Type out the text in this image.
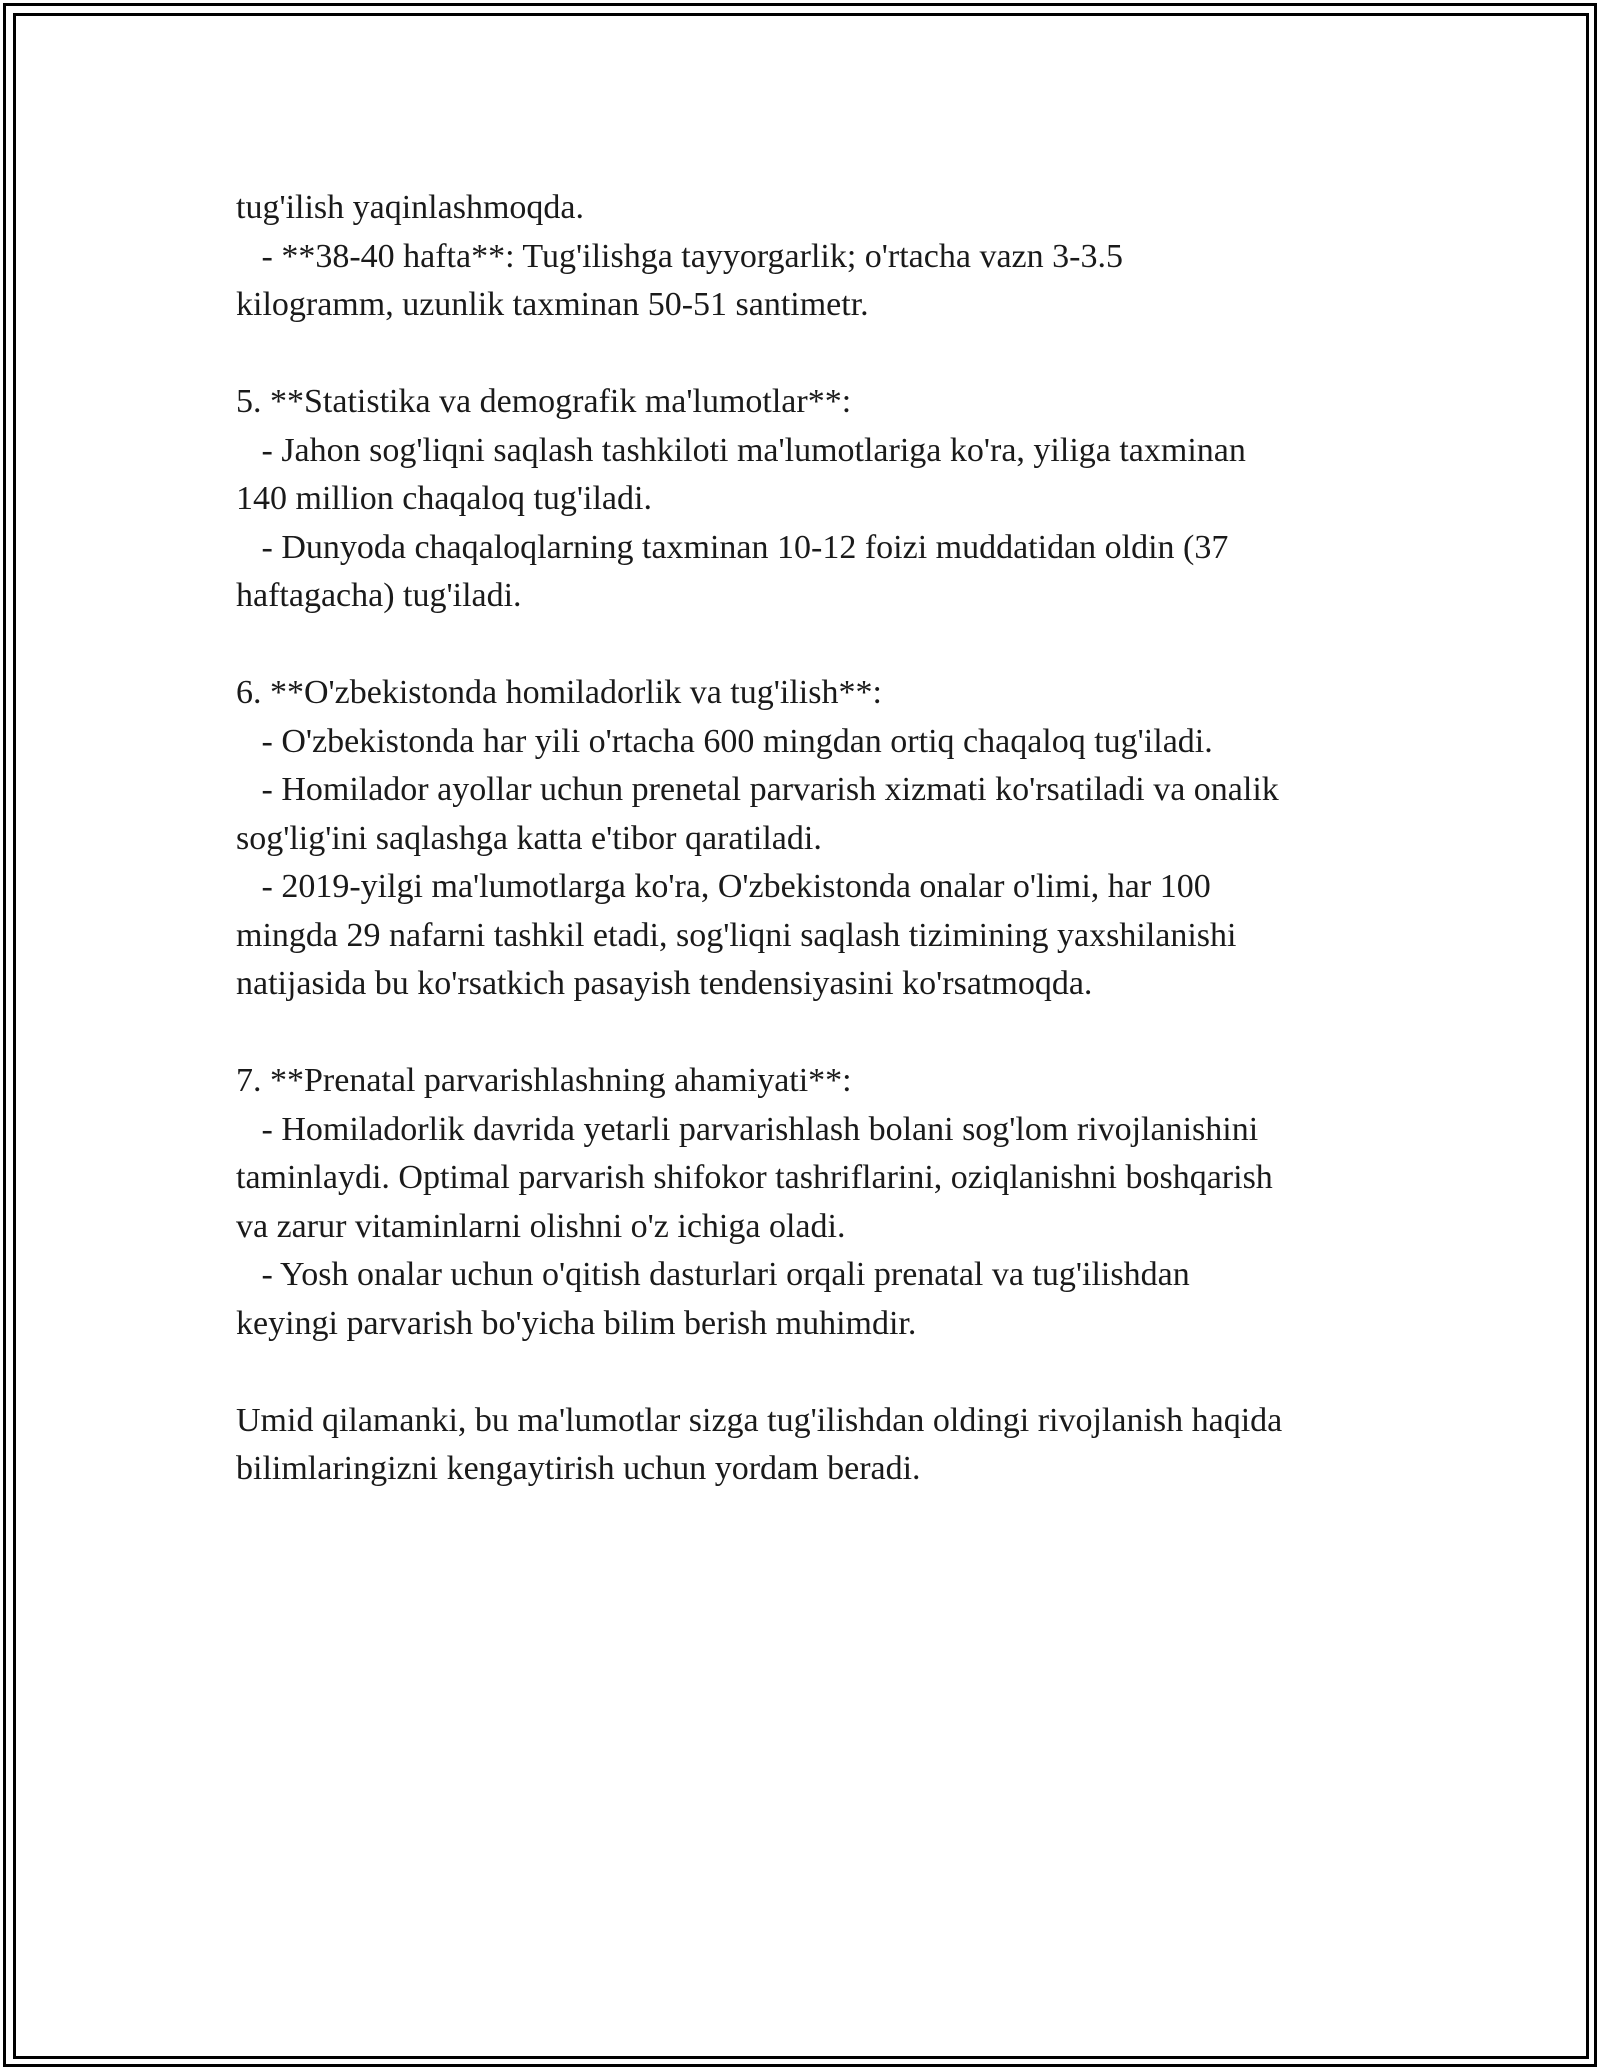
tug'ilish yaqinlashmoqda.
- **38-40 hafta**: Tug'ilishga tayyorgarlik; o'rtacha vazn 3-3.5
kilogramm, uzunlik taxminan 50-51 santimetr.
5. **Statistika va demografik ma'lumotlar**:
- Jahon sog'liqni saqlash tashkiloti ma'lumotlariga ko'ra, yiliga taxminan
140 million chaqaloq tug'iladi.
- Dunyoda chaqaloqlarning taxminan 10-12 foizi muddatidan oldin (37
haftagacha) tug'iladi.
6. **O'zbekistonda homiladorlik va tug'ilish**:
- O'zbekistonda har yili o'rtacha 600 mingdan ortiq chaqaloq tug'iladi.
- Homilador ayollar uchun prenetal parvarish xizmati ko'rsatiladi va onalik
sog'lig'ini saqlashga katta e'tibor qaratiladi.
- 2019-yilgi ma'lumotlarga ko'ra, O'zbekistonda onalar o'limi, har 100
mingda 29 nafarni tashkil etadi, sog'liqni saqlash tizimining yaxshilanishi
natijasida bu ko'rsatkich pasayish tendensiyasini ko'rsatmoqda.
7. **Prenatal parvarishlashning ahamiyati**:
- Homiladorlik davrida yetarli parvarishlash bolani sog'lom rivojlanishini
taminlaydi. Optimal parvarish shifokor tashriflarini, oziqlanishni boshqarish
va zarur vitaminlarni olishni o'z ichiga oladi.
- Yosh onalar uchun o'qitish dasturlari orqali prenatal va tug'ilishdan
keyingi parvarish bo'yicha bilim berish muhimdir.
Umid qilamanki, bu ma'lumotlar sizga tug'ilishdan oldingi rivojlanish haqida
bilimlaringizni kengaytirish uchun yordam beradi.
